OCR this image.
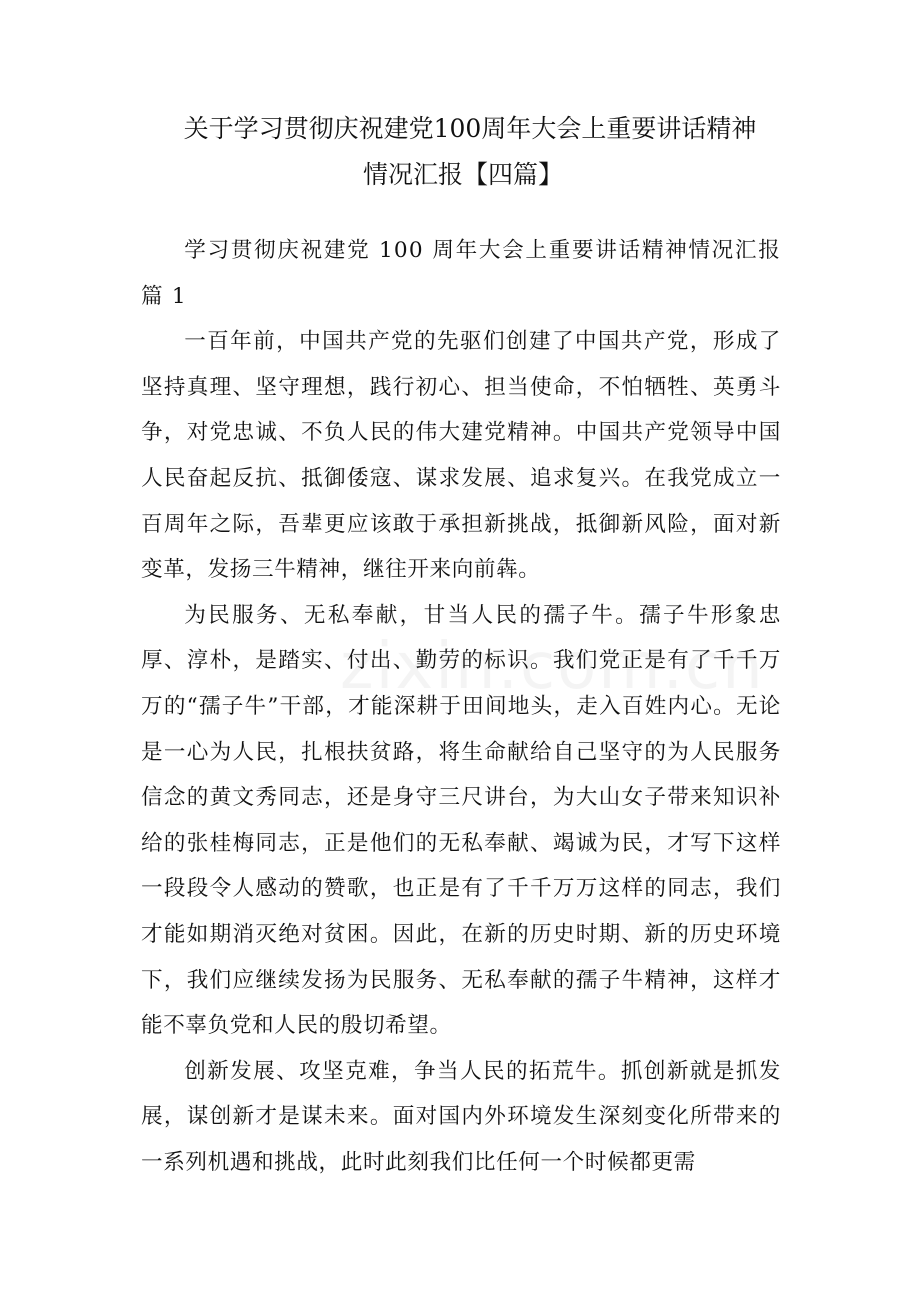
关于学习贯彻庆祝建党100周年大会上重要讲话精神
情况汇报【四篇】

学习贯彻庆祝建党 100 周年大会上重要讲话精神情况汇报篇 1

一百年前，中国共产党的先驱们创建了中国共产党，形成了坚持真理、坚守理想，践行初心、担当使命，不怕牺牲、英勇斗争，对党忠诚、不负人民的伟大建党精神。中国共产党领导中国人民奋起反抗、抵御倭寇、谋求发展、追求复兴。在我党成立一百周年之际，吾辈更应该敢于承担新挑战，抵御新风险，面对新变革，发扬三牛精神，继往开来向前犇。

为民服务、无私奉献，甘当人民的孺子牛。孺子牛形象忠厚、淳朴，是踏实、付出、勤劳的标识。我们党正是有了千千万万的“孺子牛”干部，才能深耕于田间地头，走入百姓内心。无论是一心为人民，扎根扶贫路，将生命献给自己坚守的为人民服务信念的黄文秀同志，还是身守三尺讲台，为大山女子带来知识补给的张桂梅同志，正是他们的无私奉献、竭诚为民，才写下这样一段段令人感动的赞歌，也正是有了千千万万这样的同志，我们才能如期消灭绝对贫困。因此，在新的历史时期、新的历史环境下，我们应继续发扬为民服务、无私奉献的孺子牛精神，这样才能不辜负党和人民的殷切希望。

创新发展、攻坚克难，争当人民的拓荒牛。抓创新就是抓发展，谋创新才是谋未来。面对国内外环境发生深刻变化所带来的一系列机遇和挑战，此时此刻我们比任何一个时候都更需
